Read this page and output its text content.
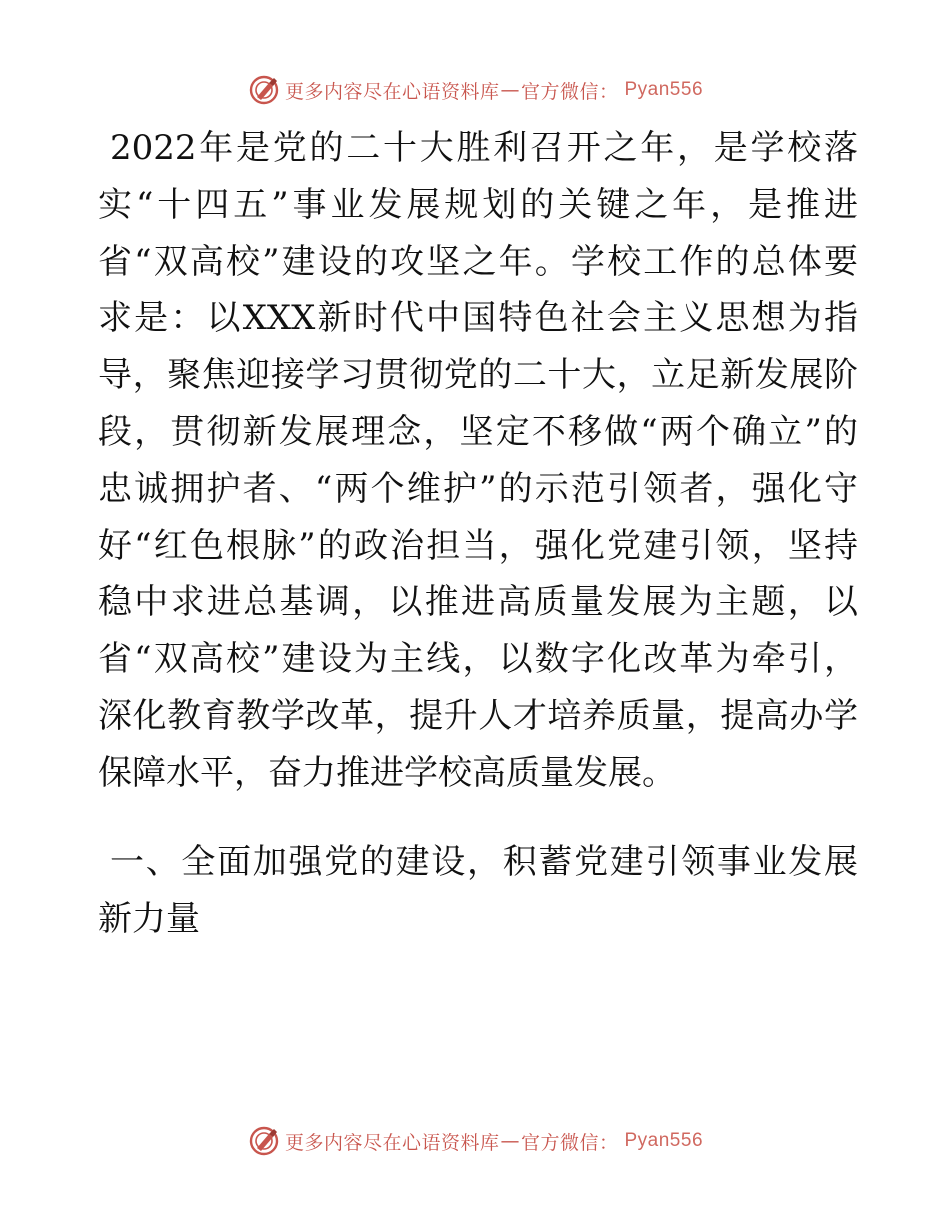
更多内容尽在心语资料库 — 官方微信： Pyan556
2022年是党的二十大胜利召开之年，是学校落
实“十四五”事业发展规划的关键之年，是推进
省“双高校”建设的攻坚之年。学校工作的总体要
求是：以XXX新时代中国特色社会主义思想为指
导，聚焦迎接学习贯彻党的二十大，立足新发展阶
段，贯彻新发展理念，坚定不移做“两个确立”的
忠诚拥护者、“两个维护”的示范引领者，强化守
好“红色根脉”的政治担当，强化党建引领，坚持
稳中求进总基调，以推进高质量发展为主题，以
省“双高校”建设为主线，以数字化改革为牵引，
深化教育教学改革，提升人才培养质量，提高办学
保障水平，奋力推进学校高质量发展。
一、全面加强党的建设，积蓄党建引领事业发展
新力量
更多内容尽在心语资料库 — 官方微信： Pyan556
